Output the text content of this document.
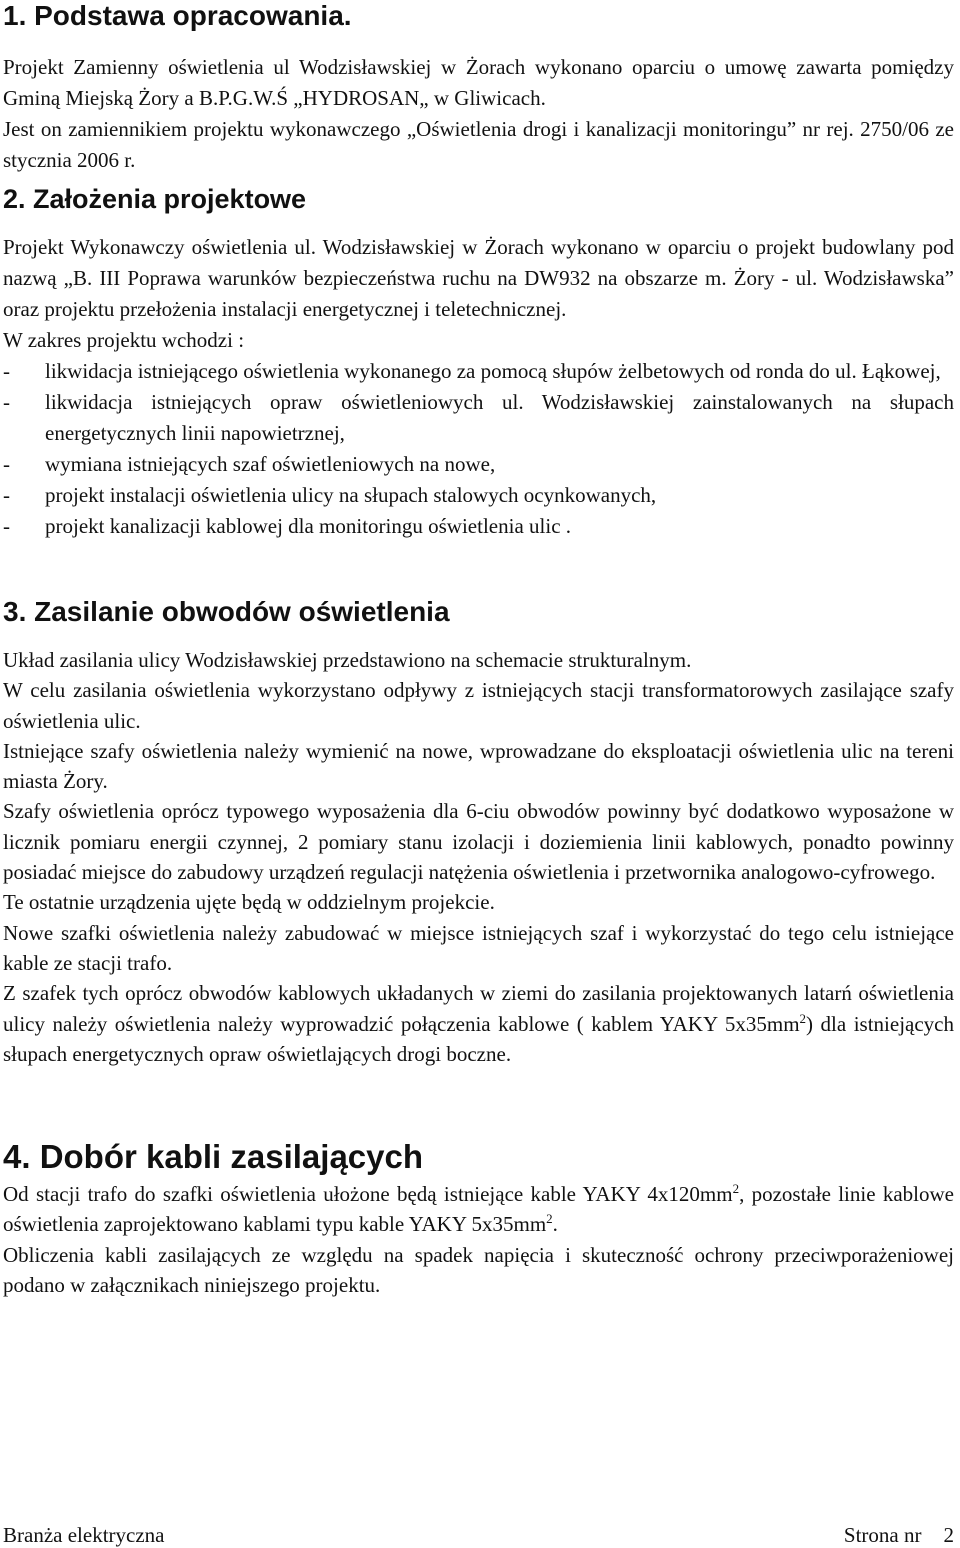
1. Podstawa opracowania.

Projekt Zamienny oświetlenia ul Wodzisławskiej w Żorach wykonano oparciu o umowę zawarta pomiędzy Gminą Miejską Żory a B.P.G.W.Ś „HYDROSAN„ w Gliwicach.

Jest on zamiennikiem projektu wykonawczego „Oświetlenia drogi i kanalizacji monitoringu” nr rej. 2750/06 ze stycznia 2006 r.

2. Założenia projektowe

Projekt Wykonawczy oświetlenia ul. Wodzisławskiej w Żorach wykonano w oparciu o projekt budowlany pod nazwą „B. III Poprawa warunków bezpieczeństwa ruchu na DW932 na obszarze m. Żory - ul. Wodzisławska” oraz projektu przełożenia instalacji energetycznej i teletechnicznej.

W zakres projektu wchodzi :

- likwidacja istniejącego oświetlenia wykonanego za pomocą słupów żelbetowych od ronda do ul. Łąkowej,
- likwidacja istniejących opraw oświetleniowych ul. Wodzisławskiej zainstalowanych na słupach energetycznych linii napowietrznej,
- wymiana istniejących szaf oświetleniowych na nowe,
- projekt instalacji oświetlenia ulicy na słupach stalowych ocynkowanych,
- projekt kanalizacji kablowej dla monitoringu oświetlenia ulic .
3. Zasilanie obwodów oświetlenia

Układ zasilania ulicy Wodzisławskiej przedstawiono na schemacie strukturalnym.

W celu zasilania oświetlenia wykorzystano odpływy z istniejących stacji transformatorowych zasilające szafy oświetlenia ulic.

Istniejące szafy oświetlenia należy wymienić na nowe, wprowadzane do eksploatacji oświetlenia ulic na tereni miasta Żory.

Szafy oświetlenia oprócz typowego wyposażenia dla 6-ciu obwodów powinny być dodatkowo wyposażone w licznik pomiaru energii czynnej, 2 pomiary stanu izolacji i doziemienia linii kablowych, ponadto powinny posiadać miejsce do zabudowy urządzeń regulacji natężenia oświetlenia i przetwornika analogowo-cyfrowego.

Te ostatnie urządzenia ujęte będą w oddzielnym projekcie.

Nowe szafki oświetlenia należy zabudować w miejsce istniejących szaf i wykorzystać do tego celu istniejące kable ze stacji trafo.

Z szafek tych oprócz obwodów kablowych układanych w ziemi do zasilania projektowanych latarń oświetlenia ulicy należy oświetlenia należy wyprowadzić połączenia kablowe ( kablem YAKY $5x35mm^2$) dla istniejących słupach energetycznych opraw oświetlających drogi boczne.

4. Dobór kabli zasilających

Od stacji trafo do szafki oświetlenia ułożone będą istniejące kable YAKY $4x120mm^2$, pozostałe linie kablowe oświetlenia zaprojektowano kablami typu kable YAKY $5x35mm^2$.

Obliczenia kabli zasilających ze względu na spadek napięcia i skuteczność ochrony przeciwporażeniowej podano w załącznikach niniejszego projektu.

Branża elektryczna	Strona nr 2
